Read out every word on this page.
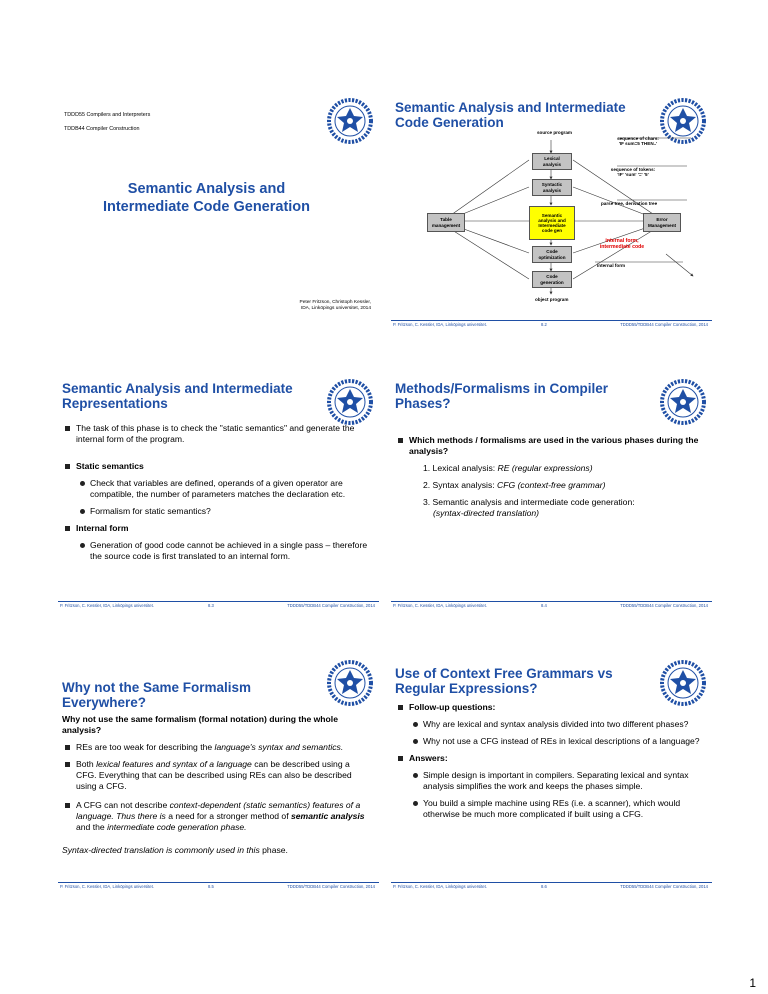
TDDD55 Compilers and Interpreters
TDDB44 Compiler Construction
Semantic Analysis and
Intermediate Code Generation
Peter Fritzson, Christoph Kessler,
IDA, Linköpings universitet, 2014
Semantic Analysis and Intermediate Code Generation
source program
sequence of chars:
'IF sum=5 THEN..'
Lexical
analysis
sequence of tokens:
'IF' 'sum' '=' '5'
Syntactic
analysis
parse tree, derivation tree
Table
management
Semantic
analysis and
Intermediate
code gen
Error
Management
internal form,
intermediate code
Code
optimization
internal form
Code
generation
object program
P. Fritzson, C. Kessler, IDA, Linköpings universitet.	8.2	TDDD55/TDDB44 Compiler Construction, 2014
Semantic Analysis and Intermediate Representations
The task of this phase is to check the "static semantics" and generate the internal form of the program.
Static semantics
Check that variables are defined, operands of a given operator are compatible, the number of parameters matches the declaration etc.
Formalism for static semantics?
Internal form
Generation of good code cannot be achieved in a single pass – therefore the source code is first translated to an internal form.
P. Fritzson, C. Kessler, IDA, Linköpings universitet.	8.3	TDDD55/TDDB44 Compiler Construction, 2014
Methods/Formalisms in Compiler Phases?
Which methods / formalisms are used in the various phases during the analysis?
1. Lexical analysis: RE (regular expressions)
2. Syntax analysis: CFG (context-free grammar)
3. Semantic analysis and intermediate code generation:
(syntax-directed translation)
P. Fritzson, C. Kessler, IDA, Linköpings universitet.	8.4	TDDD55/TDDB44 Compiler Construction, 2014
Why not the Same Formalism Everywhere?
Why not use the same formalism (formal notation) during the whole analysis?
REs are too weak for describing the language's syntax and semantics.
Both lexical features and syntax of a language can be described using a CFG. Everything that can be described using REs can also be described using a CFG.
A CFG can not describe context-dependent (static semantics) features of a language. Thus there is a need for a stronger method of semantic analysis and the intermediate code generation phase.
Syntax-directed translation is commonly used in this phase.
P. Fritzson, C. Kessler, IDA, Linköpings universitet.	8.5	TDDD55/TDDB44 Compiler Construction, 2014
Use of Context Free Grammars vs Regular Expressions?
Follow-up questions:
Why are lexical and syntax analysis divided into two different phases?
Why not use a CFG instead of REs in lexical descriptions of a language?
Answers:
Simple design is important in compilers. Separating lexical and syntax analysis simplifies the work and keeps the phases simple.
You build a simple machine using REs (i.e. a scanner), which would otherwise be much more complicated if built using a CFG.
P. Fritzson, C. Kessler, IDA, Linköpings universitet.	8.6	TDDD55/TDDB44 Compiler Construction, 2014
1
